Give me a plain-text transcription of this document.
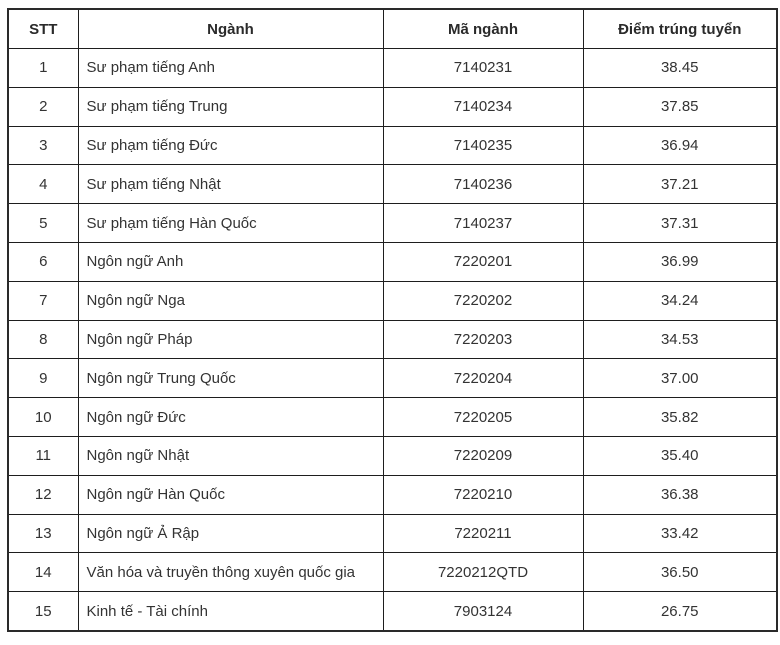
STT	Ngành	Mã ngành	Điểm trúng tuyển
1	Sư phạm tiếng Anh	7140231	38.45
2	Sư phạm tiếng Trung	7140234	37.85
3	Sư phạm tiếng Đức	7140235	36.94
4	Sư phạm tiếng Nhật	7140236	37.21
5	Sư phạm tiếng Hàn Quốc	7140237	37.31
6	Ngôn ngữ Anh	7220201	36.99
7	Ngôn ngữ Nga	7220202	34.24
8	Ngôn ngữ Pháp	7220203	34.53
9	Ngôn ngữ Trung Quốc	7220204	37.00
10	Ngôn ngữ Đức	7220205	35.82
11	Ngôn ngữ Nhật	7220209	35.40
12	Ngôn ngữ Hàn Quốc	7220210	36.38
13	Ngôn ngữ Ả Rập	7220211	33.42
14	Văn hóa và truyền thông xuyên quốc gia	7220212QTD	36.50
15	Kinh tế - Tài chính	7903124	26.75
